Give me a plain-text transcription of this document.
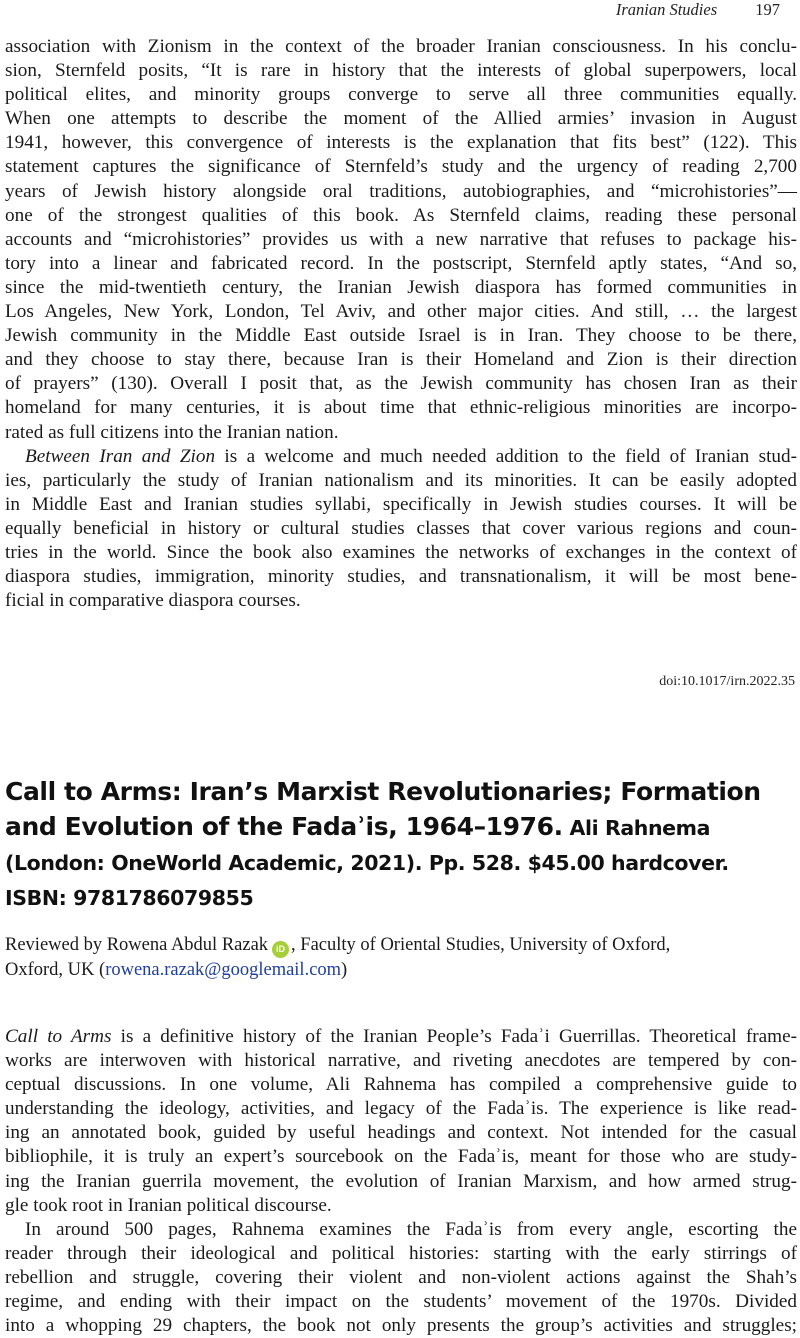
Iranian Studies 197

association with Zionism in the context of the broader Iranian consciousness. In his conclu-
sion, Sternfeld posits, “It is rare in history that the interests of global superpowers, local
political elites, and minority groups converge to serve all three communities equally.
When one attempts to describe the moment of the Allied armies’ invasion in August
1941, however, this convergence of interests is the explanation that fits best” (122). This
statement captures the significance of Sternfeld’s study and the urgency of reading 2,700
years of Jewish history alongside oral traditions, autobiographies, and “microhistories”—
one of the strongest qualities of this book. As Sternfeld claims, reading these personal
accounts and “microhistories” provides us with a new narrative that refuses to package his-
tory into a linear and fabricated record. In the postscript, Sternfeld aptly states, “And so,
since the mid-twentieth century, the Iranian Jewish diaspora has formed communities in
Los Angeles, New York, London, Tel Aviv, and other major cities. And still, … the largest
Jewish community in the Middle East outside Israel is in Iran. They choose to be there,
and they choose to stay there, because Iran is their Homeland and Zion is their direction
of prayers” (130). Overall I posit that, as the Jewish community has chosen Iran as their
homeland for many centuries, it is about time that ethnic-religious minorities are incorpo-
rated as full citizens into the Iranian nation.

Between Iran and Zion is a welcome and much needed addition to the field of Iranian stud-
ies, particularly the study of Iranian nationalism and its minorities. It can be easily adopted
in Middle East and Iranian studies syllabi, specifically in Jewish studies courses. It will be
equally beneficial in history or cultural studies classes that cover various regions and coun-
tries in the world. Since the book also examines the networks of exchanges in the context of
diaspora studies, immigration, minority studies, and transnationalism, it will be most bene-
ficial in comparative diaspora courses.

doi:10.1017/irn.2022.35
Call to Arms: Iran’s Marxist Revolutionaries; Formation
and Evolution of the Fadaʾis, 1964–1976. Ali Rahnema
(London: OneWorld Academic, 2021). Pp. 528. $45.00 hardcover.
ISBN: 9781786079855
Reviewed by Rowena Abdul Razak iD , Faculty of Oriental Studies, University of Oxford,
Oxford, UK (rowena.razak@googlemail.com)

Call to Arms is a definitive history of the Iranian People’s Fadaʾi Guerrillas. Theoretical frame-
works are interwoven with historical narrative, and riveting anecdotes are tempered by con-
ceptual discussions. In one volume, Ali Rahnema has compiled a comprehensive guide to
understanding the ideology, activities, and legacy of the Fadaʾis. The experience is like read-
ing an annotated book, guided by useful headings and context. Not intended for the casual
bibliophile, it is truly an expert’s sourcebook on the Fadaʾis, meant for those who are study-
ing the Iranian guerrila movement, the evolution of Iranian Marxism, and how armed strug-
gle took root in Iranian political discourse.

In around 500 pages, Rahnema examines the Fadaʾis from every angle, escorting the
reader through their ideological and political histories: starting with the early stirrings of
rebellion and struggle, covering their violent and non-violent actions against the Shah’s
regime, and ending with their impact on the students’ movement of the 1970s. Divided
into a whopping 29 chapters, the book not only presents the group’s activities and struggles;
